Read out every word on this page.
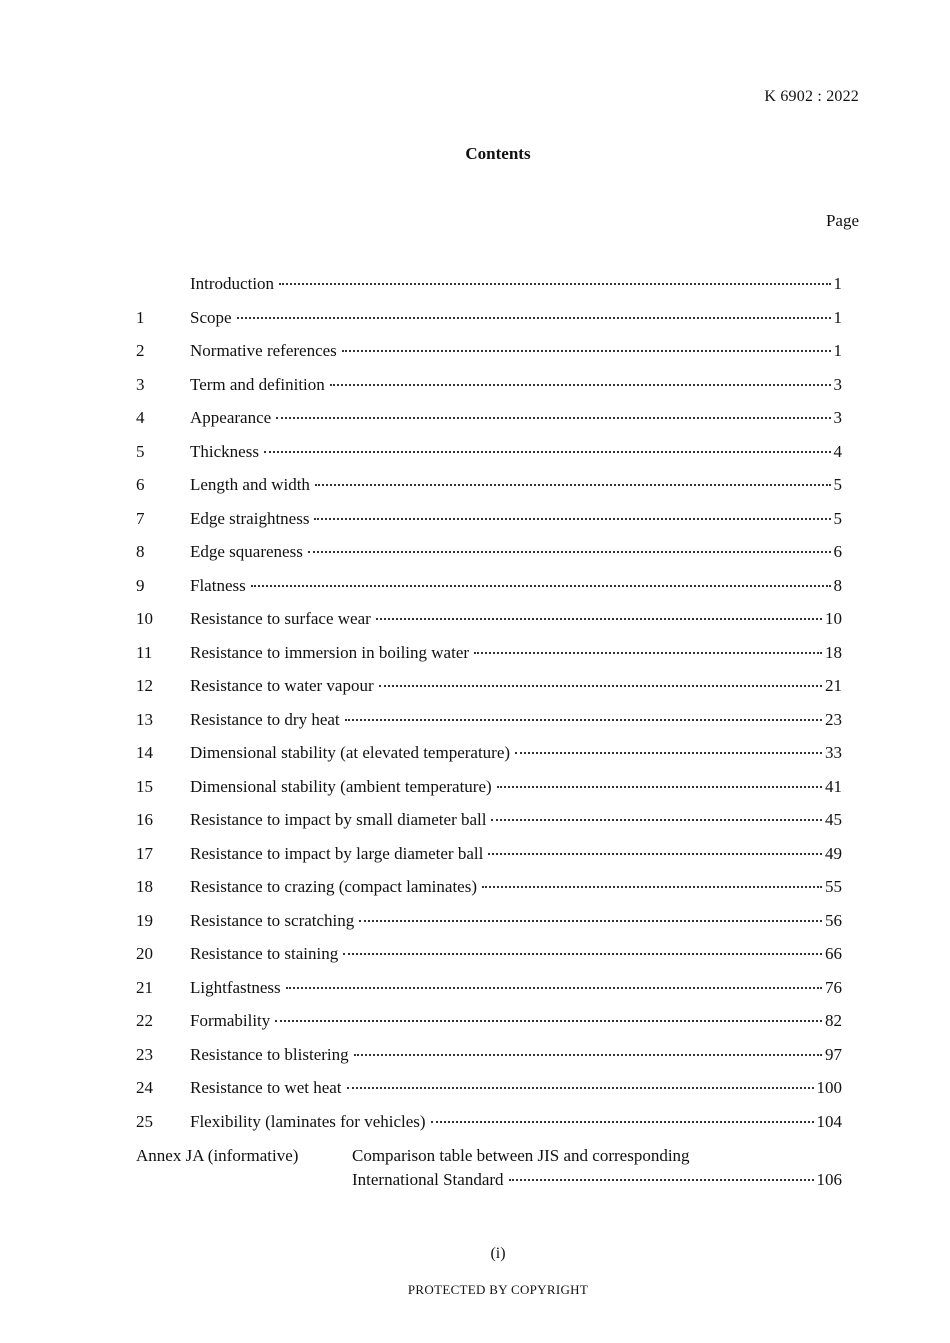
K 6902 : 2022
Contents
Page
Introduction	1
1	Scope	1
2	Normative references	1
3	Term and definition	3
4	Appearance	3
5	Thickness	4
6	Length and width	5
7	Edge straightness	5
8	Edge squareness	6
9	Flatness	8
10	Resistance to surface wear	10
11	Resistance to immersion in boiling water	18
12	Resistance to water vapour	21
13	Resistance to dry heat	23
14	Dimensional stability (at elevated temperature)	33
15	Dimensional stability (ambient temperature)	41
16	Resistance to impact by small diameter ball	45
17	Resistance to impact by large diameter ball	49
18	Resistance to crazing (compact laminates)	55
19	Resistance to scratching	56
20	Resistance to staining	66
21	Lightfastness	76
22	Formability	82
23	Resistance to blistering	97
24	Resistance to wet heat	100
25	Flexibility (laminates for vehicles)	104
Annex JA (informative)	Comparison table between JIS and corresponding
International Standard	106
(i)
PROTECTED BY COPYRIGHT
